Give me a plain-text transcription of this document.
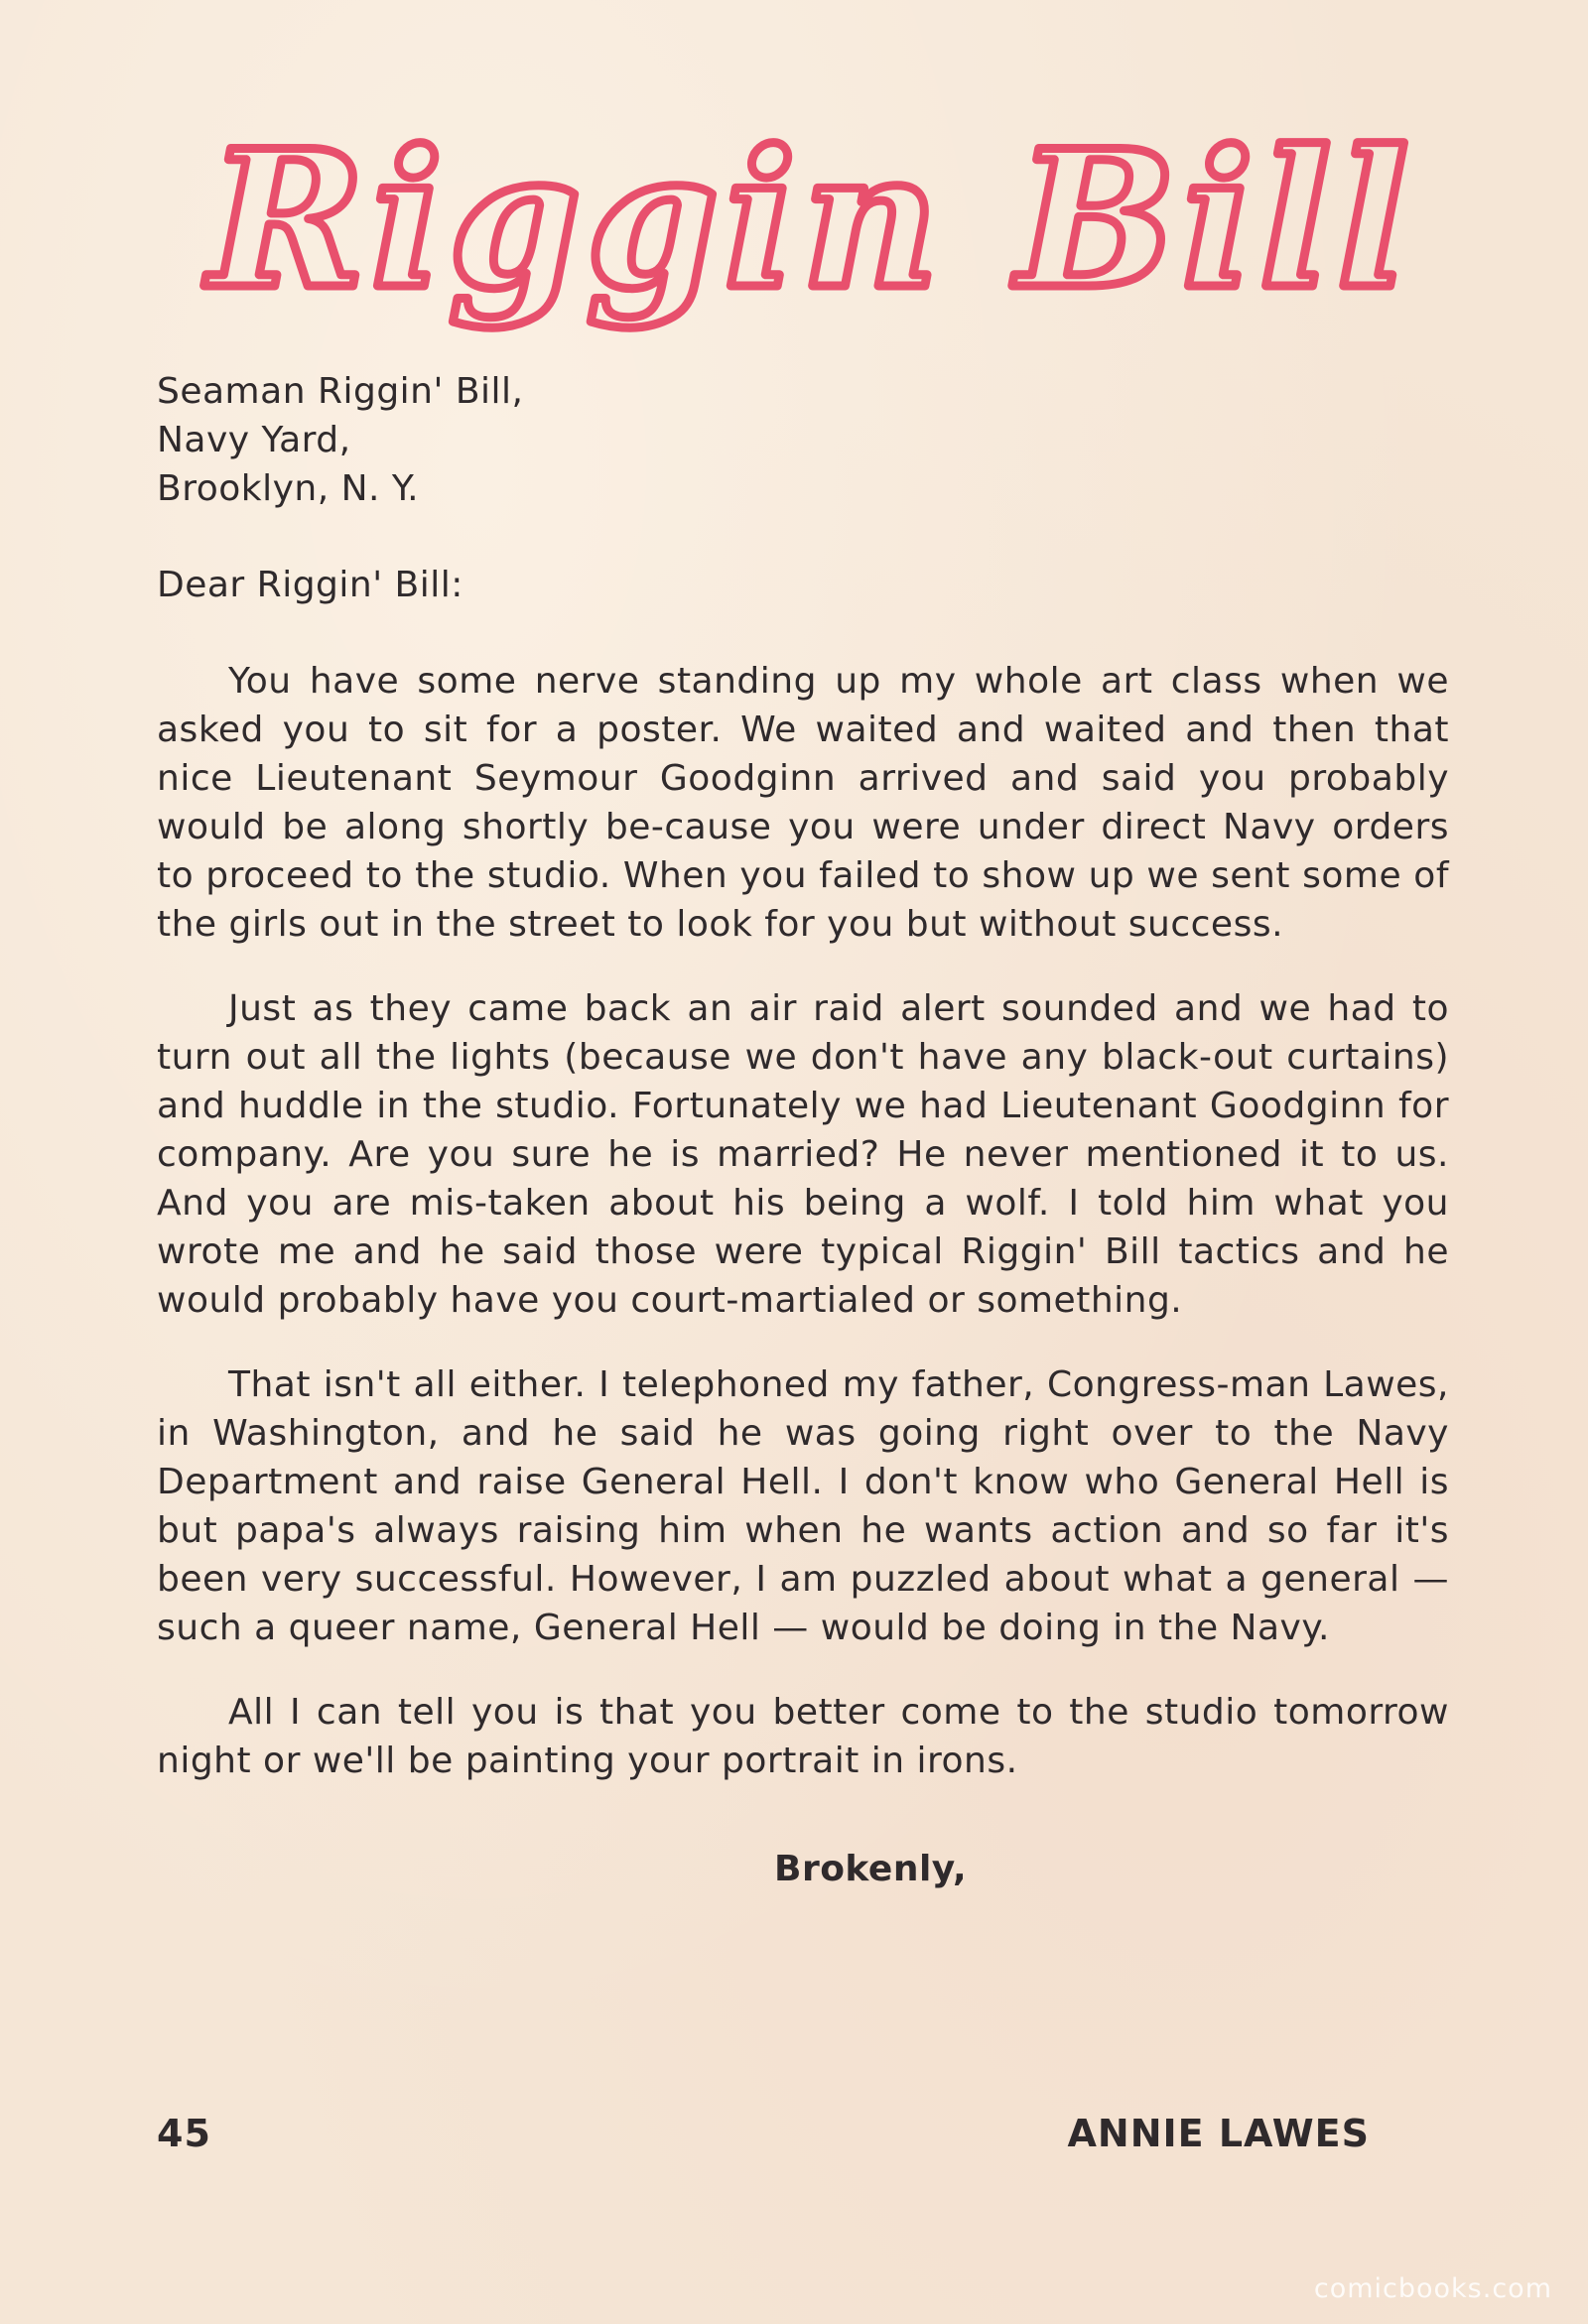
Riggin Bill

Seaman Riggin' Bill,

Navy Yard,

Brooklyn, N. Y.

Dear Riggin' Bill:

You have some nerve standing up my whole art class when we asked you to sit for a poster. We waited and waited and then that nice Lieutenant Seymour Goodginn arrived and said you probably would be along shortly be-cause you were under direct Navy orders to proceed to the studio. When you failed to show up we sent some of the girls out in the street to look for you but without success.

Just as they came back an air raid alert sounded and we had to turn out all the lights (because we don't have any black-out curtains) and huddle in the studio. Fortunately we had Lieutenant Goodginn for company. Are you sure he is married? He never mentioned it to us. And you are mis-taken about his being a wolf. I told him what you wrote me and he said those were typical Riggin' Bill tactics and he would probably have you court-martialed or something.

That isn't all either. I telephoned my father, Congress-man Lawes, in Washington, and he said he was going right over to the Navy Department and raise General Hell. I don't know who General Hell is but papa's always raising him when he wants action and so far it's been very successful. However, I am puzzled about what a general — such a queer name, General Hell — would be doing in the Navy.

All I can tell you is that you better come to the studio tomorrow night or we'll be painting your portrait in irons.

Brokenly,
45	ANNIE LAWES
comicbooks.com
